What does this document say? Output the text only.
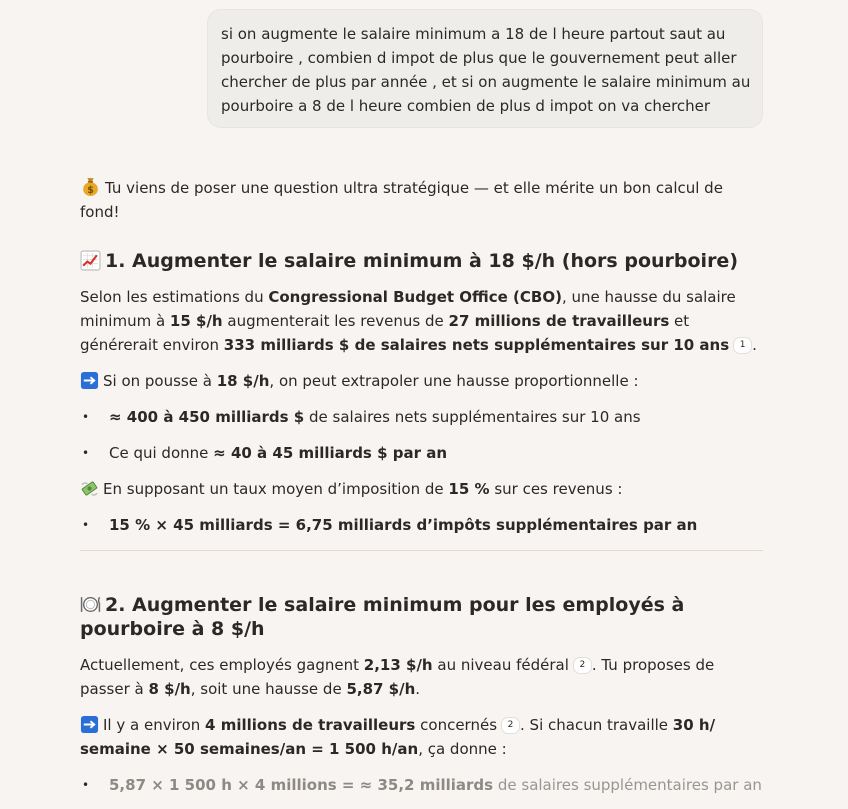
si on augmente le salaire minimum a 18 de l heure partout saut au
pourboire , combien d impot de plus que le gouvernement peut aller
chercher de plus par année , et si on augmente le salaire minimum au
pourboire a 8 de l heure combien de plus d impot on va chercher

$ Tu viens de poser une question ultra stratégique — et elle mérite un bon calcul de fond!

1. Augmenter le salaire minimum à 18 $/h (hors pourboire)

Selon les estimations du Congressional Budget Office (CBO), une hausse du salaire minimum à 15 $/h augmenterait les revenus de 27 millions de travailleurs et générerait environ 333 milliards $ de salaires nets supplémentaires sur 10 ans 1 .

Si on pousse à 18 $/h, on peut extrapoler une hausse proportionnelle :

• ≈ 400 à 450 milliards $ de salaires nets supplémentaires sur 10 ans
• Ce qui donne ≈ 40 à 45 milliards $ par an

En supposant un taux moyen d’imposition de 15 % sur ces revenus :

• 15 % × 45 milliards = 6,75 milliards d’impôts supplémentaires par an
2. Augmenter le salaire minimum pour les employés à pourboire à 8 $/h

Actuellement, ces employés gagnent 2,13 $/h au niveau fédéral 2 . Tu proposes de passer à 8 $/h, soit une hausse de 5,87 $/h.

Il y a environ 4 millions de travailleurs concernés 2 . Si chacun travaille 30 h/ semaine × 50 semaines/an = 1 500 h/an, ça donne :

• 5,87 × 1 500 h × 4 millions = ≈ 35,2 milliards de salaires supplémentaires par an
